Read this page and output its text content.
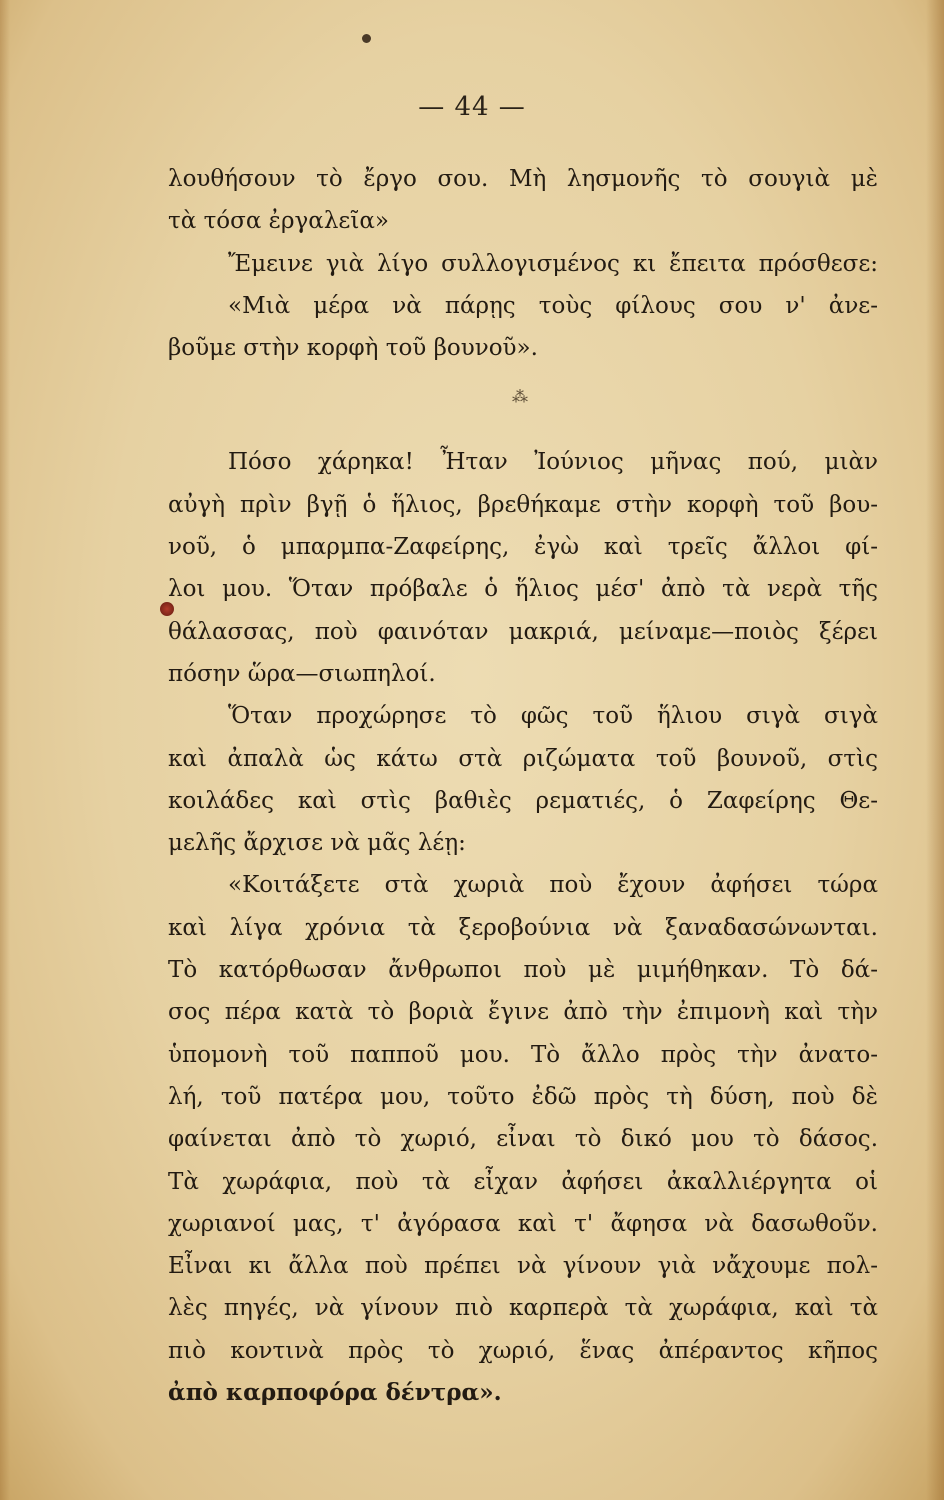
— 44 —
λουθήσουν τὸ ἔργο σου. Μὴ λησμονῆς τὸ σουγιὰ μὲ
τὰ τόσα ἐργαλεῖα»
Ἔμεινε γιὰ λίγο συλλογισμένος κι ἔπειτα πρόσθεσε:
«Μιὰ μέρα νὰ πάρῃς τοὺς φίλους σου ν' ἀνε-
βοῦμε στὴν κορφὴ τοῦ βουνοῦ».
⁂
Πόσο χάρηκα! Ἦταν Ἰούνιος μῆνας πού, μιὰν
αὐγὴ πρὶν βγῇ ὁ ἥλιος, βρεθήκαμε στὴν κορφὴ τοῦ βου-
νοῦ, ὁ μπαρμπα-Ζαφείρης, ἐγὼ καὶ τρεῖς ἄλλοι φί-
λοι μου. Ὅταν πρόβαλε ὁ ἥλιος μέσ' ἀπὸ τὰ νερὰ τῆς
θάλασσας, ποὺ φαινόταν μακριά, μείναμε—ποιὸς ξέρει
πόσην ὥρα—σιωπηλοί.
Ὅταν προχώρησε τὸ φῶς τοῦ ἥλιου σιγὰ σιγὰ
καὶ ἀπαλὰ ὡς κάτω στὰ ριζώματα τοῦ βουνοῦ, στὶς
κοιλάδες καὶ στὶς βαθιὲς ρεματιές, ὁ Ζαφείρης Θε-
μελῆς ἄρχισε νὰ μᾶς λέῃ:
«Κοιτάξετε στὰ χωριὰ ποὺ ἔχουν ἀφήσει τώρα
καὶ λίγα χρόνια τὰ ξεροβούνια νὰ ξαναδασώνωνται.
Τὸ κατόρθωσαν ἄνθρωποι ποὺ μὲ μιμήθηκαν. Τὸ δά-
σος πέρα κατὰ τὸ βοριὰ ἔγινε ἀπὸ τὴν ἐπιμονὴ καὶ τὴν
ὑπομονὴ τοῦ παπποῦ μου. Τὸ ἄλλο πρὸς τὴν ἀνατο-
λή, τοῦ πατέρα μου, τοῦτο ἐδῶ πρὸς τὴ δύση, ποὺ δὲ
φαίνεται ἀπὸ τὸ χωριό, εἶναι τὸ δικό μου τὸ δάσος.
Τὰ χωράφια, ποὺ τὰ εἶχαν ἀφήσει ἀκαλλιέργητα οἱ
χωριανοί μας, τ' ἀγόρασα καὶ τ' ἄφησα νὰ δασωθοῦν.
Εἶναι κι ἄλλα ποὺ πρέπει νὰ γίνουν γιὰ νἄχουμε πολ-
λὲς πηγές, νὰ γίνουν πιὸ καρπερὰ τὰ χωράφια, καὶ τὰ
πιὸ κοντινὰ πρὸς τὸ χωριό, ἕνας ἀπέραντος κῆπος
ἀπὸ καρποφόρα δέντρα».
